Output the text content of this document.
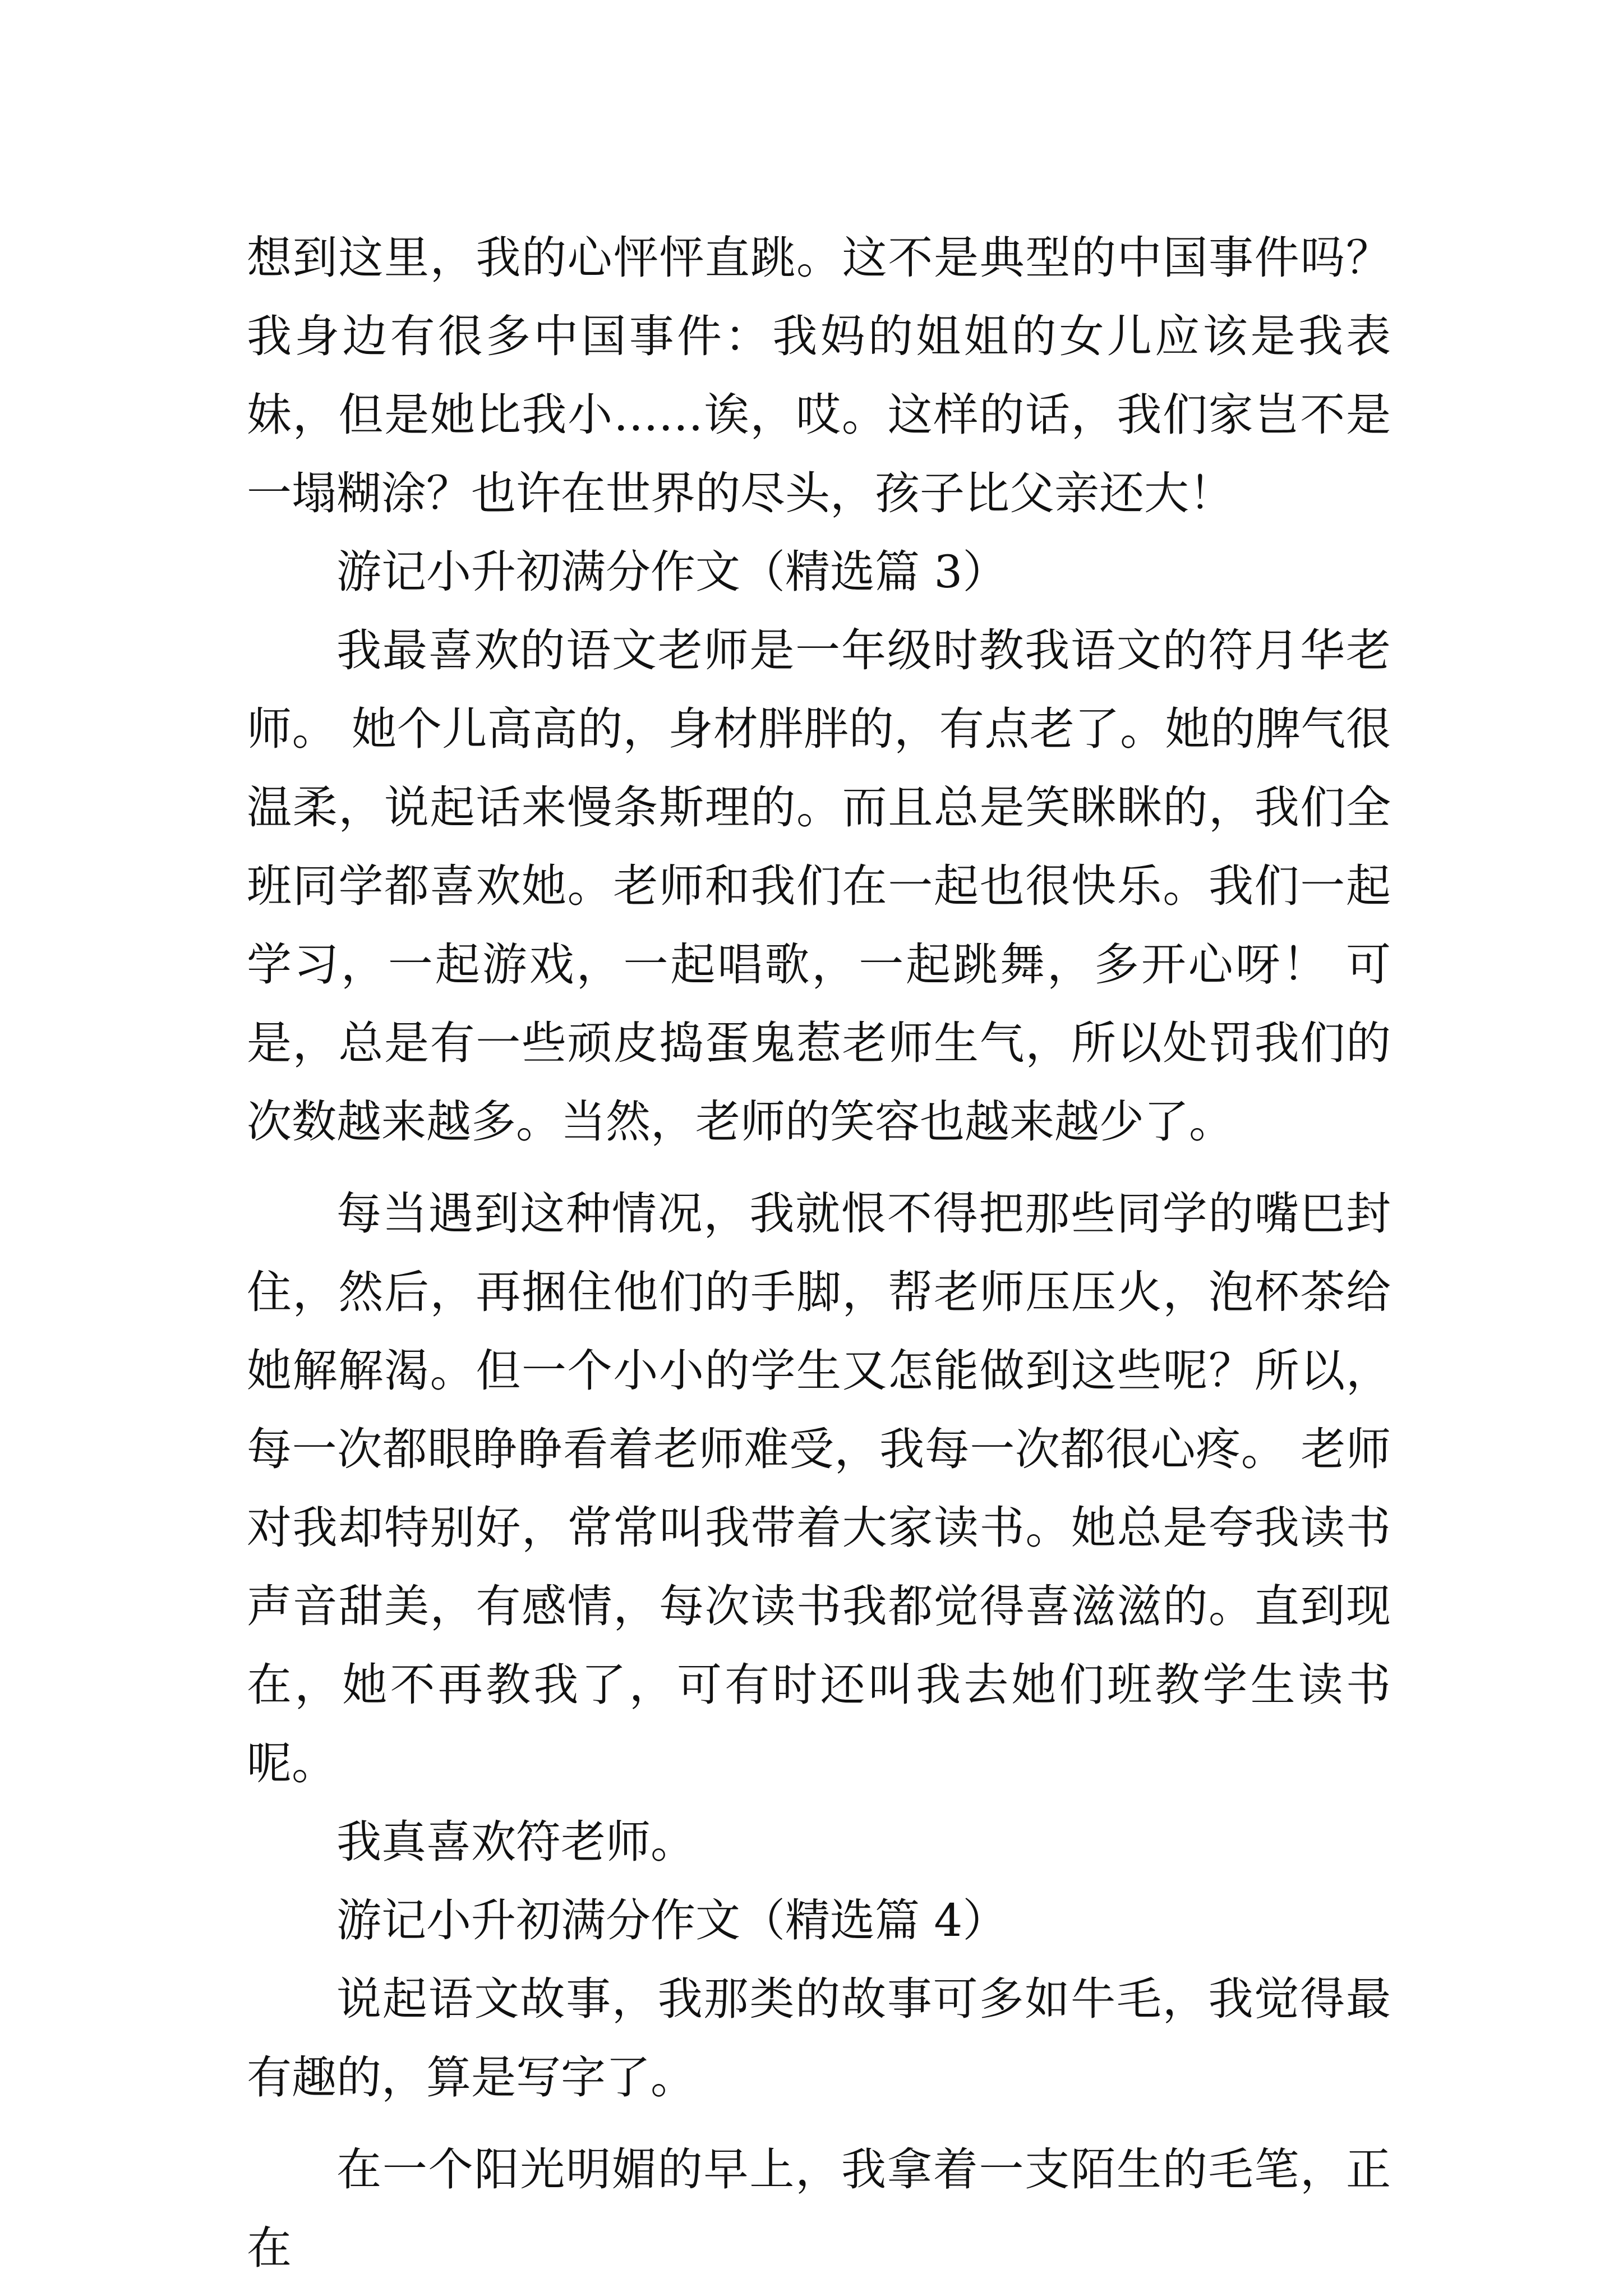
想到这里，我的心怦怦直跳。这不是典型的中国事件吗？我身边有很多中国事件：我妈的姐姐的女儿应该是我表妹，但是她比我小……诶，哎。这样的话，我们家岂不是一塌糊涂？也许在世界的尽头，孩子比父亲还大！

游记小升初满分作文（精选篇 3）

我最喜欢的语文老师是一年级时教我语文的符月华老师。 她个儿高高的，身材胖胖的，有点老了。她的脾气很温柔，说起话来慢条斯理的。而且总是笑眯眯的，我们全班同学都喜欢她。老师和我们在一起也很快乐。我们一起学习，一起游戏，一起唱歌，一起跳舞，多开心呀！ 可是，总是有一些顽皮捣蛋鬼惹老师生气，所以处罚我们的次数越来越多。当然，老师的笑容也越来越少了。

每当遇到这种情况，我就恨不得把那些同学的嘴巴封住，然后，再捆住他们的手脚，帮老师压压火，泡杯茶给她解解渴。但一个小小的学生又怎能做到这些呢？所以，每一次都眼睁睁看着老师难受，我每一次都很心疼。 老师对我却特别好，常常叫我带着大家读书。她总是夸我读书声音甜美，有感情，每次读书我都觉得喜滋滋的。直到现在，她不再教我了，可有时还叫我去她们班教学生读书呢。

我真喜欢符老师。

游记小升初满分作文（精选篇 4）

说起语文故事，我那类的故事可多如牛毛，我觉得最有趣的，算是写字了。

在一个阳光明媚的早上，我拿着一支陌生的毛笔，正在
